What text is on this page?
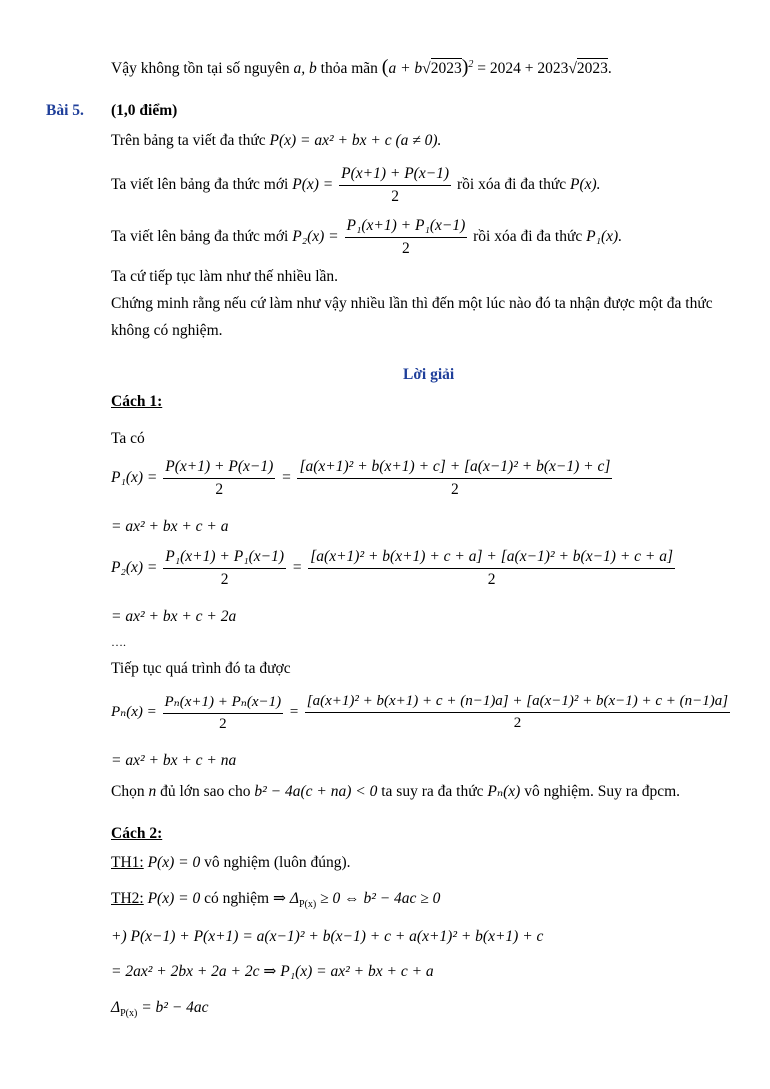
Vậy không tồn tại số nguyên a, b thỏa mãn $(a + b√2023)^2 = 2024 + 2023√2023$.
Bài 5. (1,0 điểm)
Trên bảng ta viết đa thức P(x) = ax² + bx + c (a ≠ 0).
Ta viết lên bảng đa thức mới $P(x) = \frac{P(x+1) + P(x-1)}{2}$ rồi xóa đi đa thức P(x).
Ta viết lên bảng đa thức mới $P_2(x) = \frac{\text{P₁(x+1) + P₁(x−1)}}{2}$ rồi xóa đi đa thức P₁(x).
Ta cứ tiếp tục làm như thế nhiều lần.
Chứng minh rằng nếu cứ làm như vậy nhiều lần thì đến một lúc nào đó ta nhận được một đa thức
không có nghiệm.
Lời giải
Cách 1:
Ta có
$P_1(x) = \frac{P(x+1) + P(x-1)}{2} = \frac{\text{[a(x+1)² + b(x+1) + c] + [a(x−1)² + b(x−1) + c]}}{2}$
= ax² + bx + c + a
$P_2(x) = \frac{\text{P₁(x+1) + P₁(x−1)}}{2} = \frac{\text{[a(x+1)² + b(x+1) + c + a] + [a(x−1)² + b(x−1) + c + a]}}{2}$
= ax² + bx + c + 2a
….
Tiếp tục quá trình đó ta được
$P_n(x) = \frac{\text{Pₙ(x+1) + Pₙ(x−1)}}{2}$ =
[a(x+1)² + b(x+1) + c + (n−1)a] + [a(x−1)² + b(x−1) + c + (n−1)a]
2
= ax² + bx + c + na
Chọn n đủ lớn sao cho b² − 4a(c + na) < 0 ta suy ra đa thức Pₙ(x) vô nghiệm. Suy ra đpcm.
Cách 2:
TH1: P(x) = 0 vô nghiệm (luôn đúng).
TH2: P(x) = 0 có nghiệm ⇒ $\Delta_{P(x)} \ge 0$ ⇔ b² − 4ac ≥ 0
+) P(x−1) + P(x+1) = a(x−1)² + b(x−1) + c + a(x+1)² + b(x+1) + c
= 2ax² + 2bx + 2a + 2c ⇒ P₁(x) = ax² + bx + c + a
$\Delta_{P(x)} = b^2 - 4ac$
